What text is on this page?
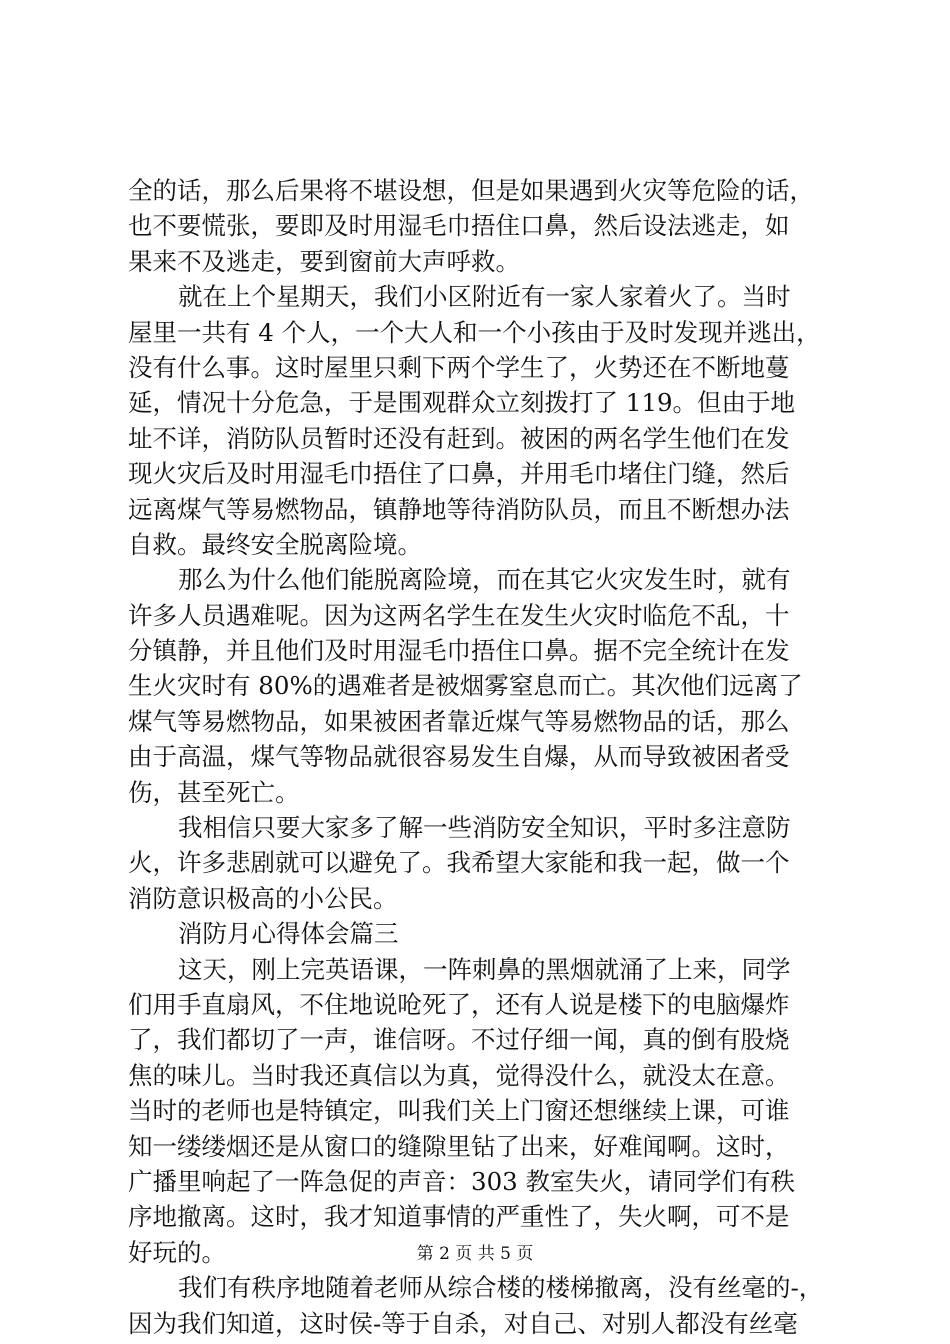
全的话，那么后果将不堪设想，但是如果遇到火灾等危险的话，
也不要慌张，要即及时用湿毛巾捂住口鼻，然后设法逃走，如
果来不及逃走，要到窗前大声呼救。
就在上个星期天，我们小区附近有一家人家着火了。当时
屋里一共有 4 个人，一个大人和一个小孩由于及时发现并逃出，
没有什么事。这时屋里只剩下两个学生了，火势还在不断地蔓
延，情况十分危急，于是围观群众立刻拨打了 119。但由于地
址不详，消防队员暂时还没有赶到。被困的两名学生他们在发
现火灾后及时用湿毛巾捂住了口鼻，并用毛巾堵住门缝，然后
远离煤气等易燃物品，镇静地等待消防队员，而且不断想办法
自救。最终安全脱离险境。
那么为什么他们能脱离险境，而在其它火灾发生时，就有
许多人员遇难呢。因为这两名学生在发生火灾时临危不乱，十
分镇静，并且他们及时用湿毛巾捂住口鼻。据不完全统计在发
生火灾时有 80%的遇难者是被烟雾窒息而亡。其次他们远离了
煤气等易燃物品，如果被困者靠近煤气等易燃物品的话，那么
由于高温，煤气等物品就很容易发生自爆，从而导致被困者受
伤，甚至死亡。
我相信只要大家多了解一些消防安全知识，平时多注意防
火，许多悲剧就可以避免了。我希望大家能和我一起，做一个
消防意识极高的小公民。
消防月心得体会篇三
这天，刚上完英语课，一阵刺鼻的黑烟就涌了上来，同学
们用手直扇风，不住地说呛死了，还有人说是楼下的电脑爆炸
了，我们都切了一声，谁信呀。不过仔细一闻，真的倒有股烧
焦的味儿。当时我还真信以为真，觉得没什么，就没太在意。
当时的老师也是特镇定，叫我们关上门窗还想继续上课，可谁
知一缕缕烟还是从窗口的缝隙里钻了出来，好难闻啊。这时，
广播里响起了一阵急促的声音：303 教室失火，请同学们有秩
序地撤离。这时，我才知道事情的严重性了，失火啊，可不是
好玩的。
我们有秩序地随着老师从综合楼的楼梯撤离，没有丝毫的-，
因为我们知道，这时侯-等于自杀，对自己、对别人都没有丝毫
第 2 页 共 5 页
